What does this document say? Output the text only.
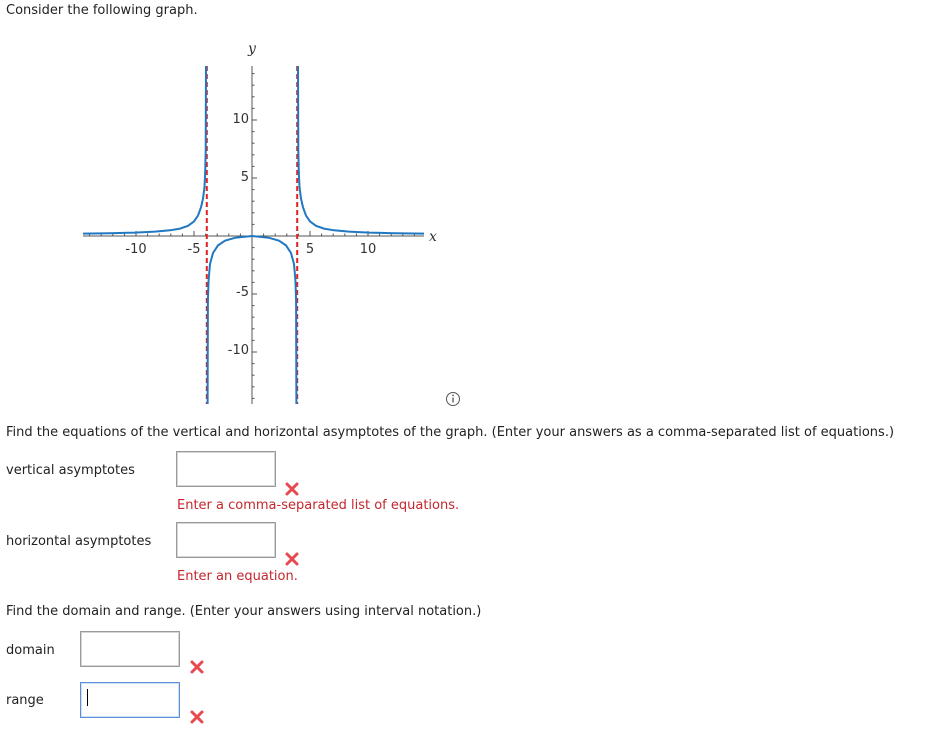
Consider the following graph.
-10	-5	5	10
10
5
-5
-10
x
y
Find the equations of the vertical and horizontal asymptotes of the graph. (Enter your answers as a comma-separated list of equations.)
vertical asymptotes
Enter a comma-separated list of equations.
horizontal asymptotes
Enter an equation.
Find the domain and range. (Enter your answers using interval notation.)
domain
range
